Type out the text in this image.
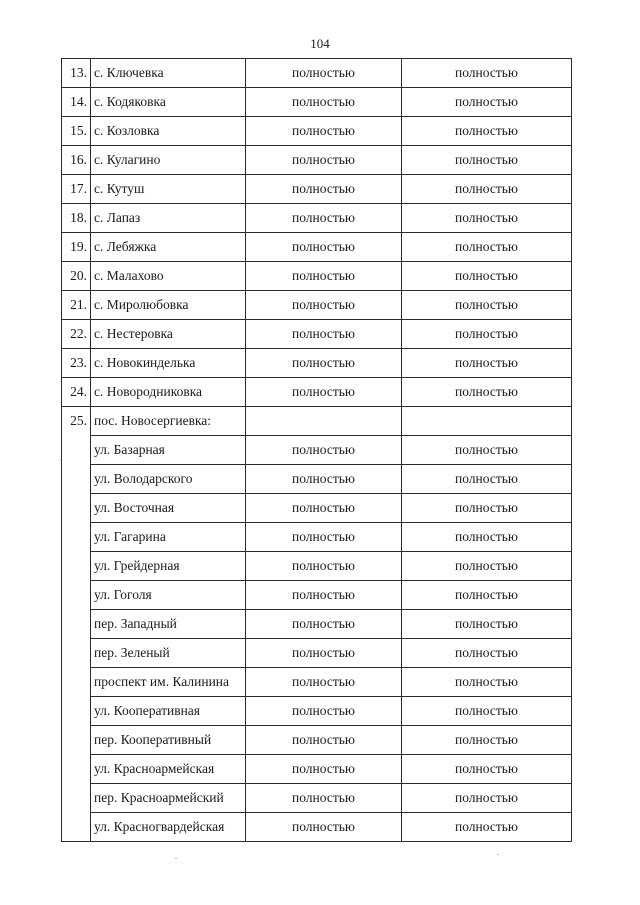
104
13.	с. Ключевка	полностью	полностью
14.	с. Кодяковка	полностью	полностью
15.	с. Козловка	полностью	полностью
16.	с. Кулагино	полностью	полностью
17.	с. Кутуш	полностью	полностью
18.	с. Лапаз	полностью	полностью
19.	с. Лебяжка	полностью	полностью
20.	с. Малахово	полностью	полностью
21.	с. Миролюбовка	полностью	полностью
22.	с. Нестеровка	полностью	полностью
23.	с. Новокинделька	полностью	полностью
24.	с. Новородниковка	полностью	полностью
25.	пос. Новосергиевка:		
	ул. Базарная	полностью	полностью
	ул. Володарского	полностью	полностью
	ул. Восточная	полностью	полностью
	ул. Гагарина	полностью	полностью
	ул. Грейдерная	полностью	полностью
	ул. Гоголя	полностью	полностью
	пер. Западный	полностью	полностью
	пер. Зеленый	полностью	полностью
	проспект им. Калинина	полностью	полностью
	ул. Кооперативная	полностью	полностью
	пер. Кооперативный	полностью	полностью
	ул. Красноармейская	полностью	полностью
	пер. Красноармейский	полностью	полностью
	ул. Красногвардейская	полностью	полностью
-
.	.
